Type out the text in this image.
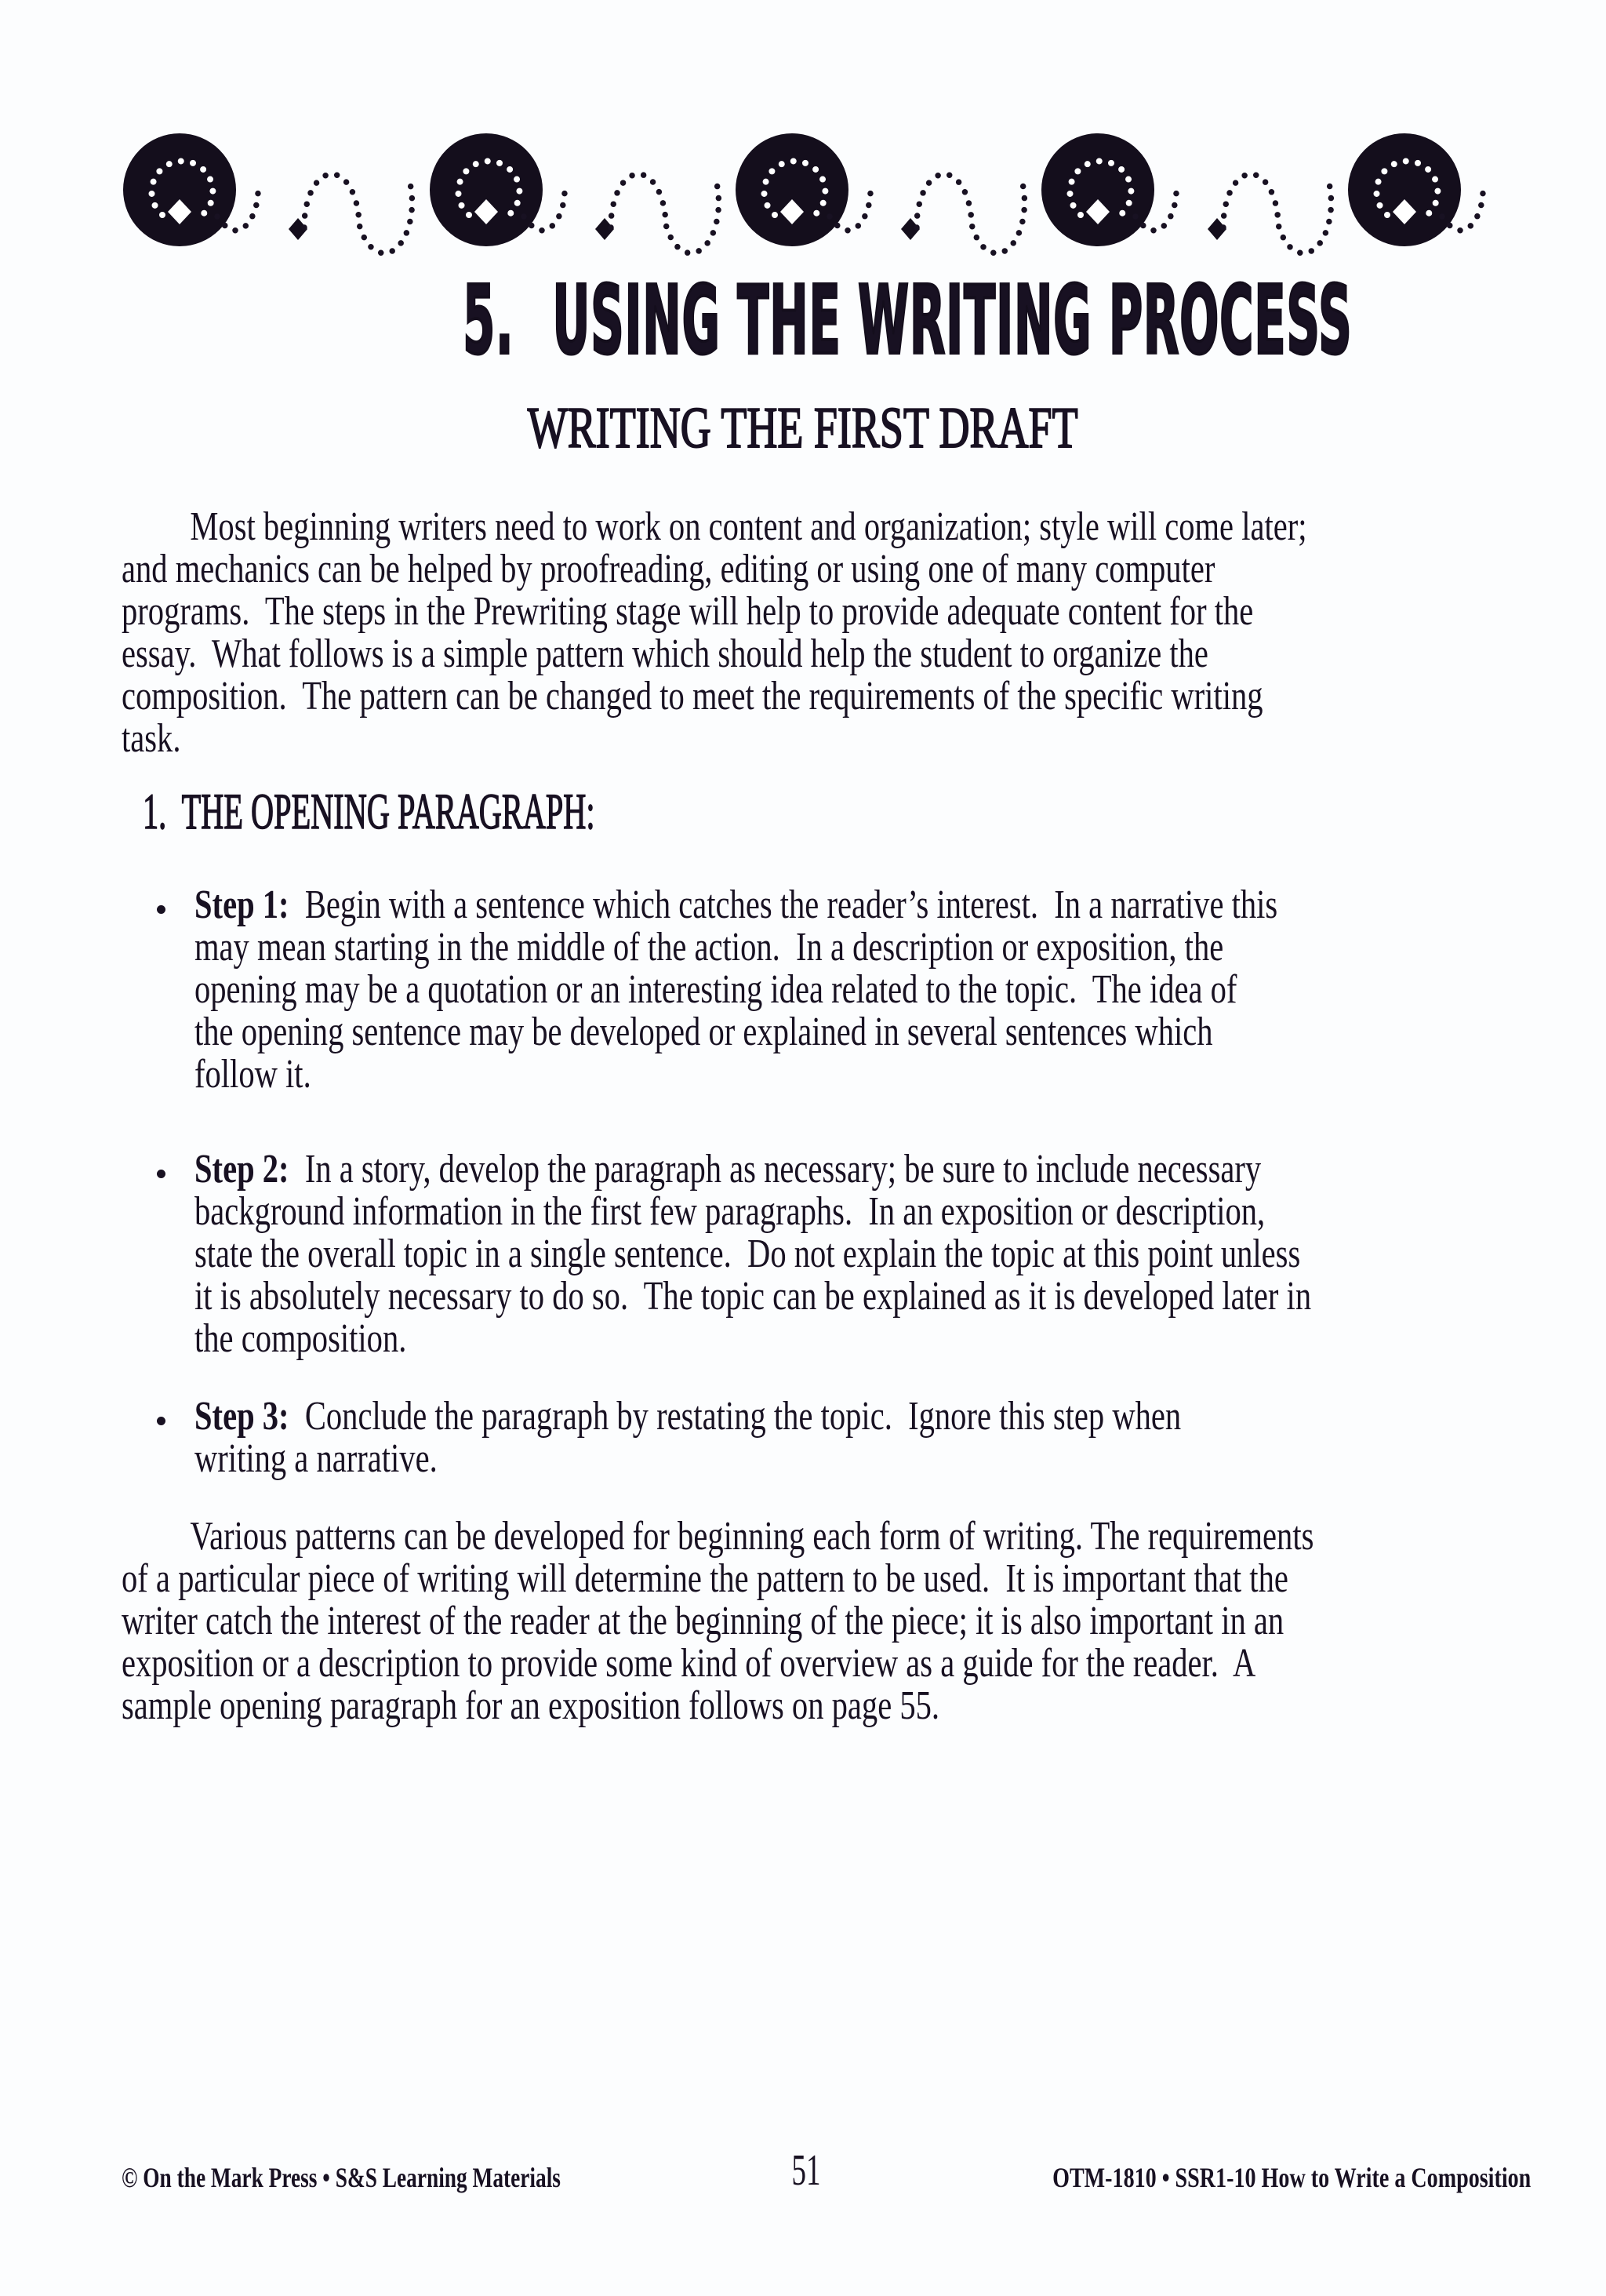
5. USING THE WRITING PROCESS
WRITING THE FIRST DRAFT
Most beginning writers need to work on content and organization; style will come later;
and mechanics can be helped by proofreading, editing or using one of many computer
programs.  The steps in the Prewriting stage will help to provide adequate content for the
essay.  What follows is a simple pattern which should help the student to organize the
composition.  The pattern can be changed to meet the requirements of the specific writing
task.
1.  THE OPENING PARAGRAPH:
Step 1:  Begin with a sentence which catches the reader’s interest.  In a narrative this
may mean starting in the middle of the action.  In a description or exposition, the
opening may be a quotation or an interesting idea related to the topic.  The idea of
the opening sentence may be developed or explained in several sentences which
follow it.
Step 2:  In a story, develop the paragraph as necessary; be sure to include necessary
background information in the first few paragraphs.  In an exposition or description,
state the overall topic in a single sentence.  Do not explain the topic at this point unless
it is absolutely necessary to do so.  The topic can be explained as it is developed later in
the composition.
Step 3:  Conclude the paragraph by restating the topic.  Ignore this step when
writing a narrative.
Various patterns can be developed for beginning each form of writing. The requirements
of a particular piece of writing will determine the pattern to be used.  It is important that the
writer catch the interest of the reader at the beginning of the piece; it is also important in an
exposition or a description to provide some kind of overview as a guide for the reader.  A
sample opening paragraph for an exposition follows on page 55.
© On the Mark Press • S&S Learning Materials	51	OTM-1810 • SSR1-10 How to Write a Composition
